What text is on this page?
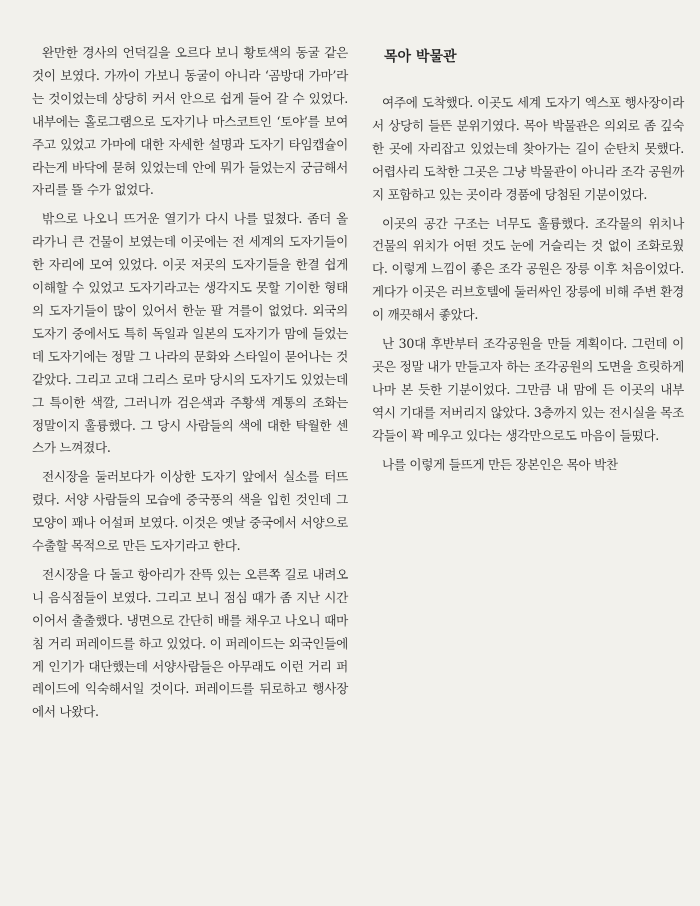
완만한 경사의 언덕길을 오르다 보니 황토색의 동굴 같은 것이 보였다. 가까이 가보니 동굴이 아니라 ‘곰방대 가마’라는 것이었는데 상당히 커서 안으로 쉽게 들어 갈 수 있었다. 내부에는 홀로그램으로 도자기나 마스코트인 ‘토야’를 보여주고 있었고 가마에 대한 자세한 설명과 도자기 타임캡슐이라는게 바닥에 묻혀 있었는데 안에 뭐가 들었는지 궁금해서 자리를 뜰 수가 없었다.

밖으로 나오니 뜨거운 열기가 다시 나를 덮쳤다. 좀더 올라가니 큰 건물이 보였는데 이곳에는 전 세계의 도자기들이 한 자리에 모여 있었다. 이곳 저곳의 도자기들을 한결 쉽게 이해할 수 있었고 도자기라고는 생각지도 못할 기이한 형태의 도자기들이 많이 있어서 한눈 팔 겨를이 없었다. 외국의 도자기 중에서도 특히 독일과 일본의 도자기가 맘에 들었는데 도자기에는 정말 그 나라의 문화와 스타일이 묻어나는 것 같았다. 그리고 고대 그리스 로마 당시의 도자기도 있었는데 그 특이한 색깔, 그러니까 검은색과 주황색 계통의 조화는 정말이지 훌륭했다. 그 당시 사람들의 색에 대한 탁월한 센스가 느껴졌다.

전시장을 둘러보다가 이상한 도자기 앞에서 실소를 터뜨렸다. 서양 사람들의 모습에 중국풍의 색을 입힌 것인데 그 모양이 꽤나 어설퍼 보였다. 이것은 옛날 중국에서 서양으로 수출할 목적으로 만든 도자기라고 한다.

전시장을 다 돌고 항아리가 잔뜩 있는 오른쪽 길로 내려오니 음식점들이 보였다. 그리고 보니 점심 때가 좀 지난 시간이어서 출출했다. 냉면으로 간단히 배를 채우고 나오니 때마침 거리 퍼레이드를 하고 있었다. 이 퍼레이드는 외국인들에게 인기가 대단했는데 서양사람들은 아무래도 이런 거리 퍼레이드에 익숙해서일 것이다. 퍼레이드를 뒤로하고 행사장에서 나왔다.

목아 박물관

여주에 도착했다. 이곳도 세계 도자기 엑스포 행사장이라서 상당히 들뜬 분위기였다. 목아 박물관은 의외로 좀 깊숙한 곳에 자리잡고 있었는데 찾아가는 길이 순탄치 못했다. 어렵사리 도착한 그곳은 그냥 박물관이 아니라 조각 공원까지 포함하고 있는 곳이라 경품에 당첨된 기분이었다.

이곳의 공간 구조는 너무도 훌륭했다. 조각물의 위치나 건물의 위치가 어떤 것도 눈에 거슬리는 것 없이 조화로웠다. 이렇게 느낌이 좋은 조각 공원은 장릉 이후 처음이었다. 게다가 이곳은 러브호텔에 둘러싸인 장릉에 비해 주변 환경이 깨끗해서 좋았다.

난 30대 후반부터 조각공원을 만들 계획이다. 그런데 이곳은 정말 내가 만들고자 하는 조각공원의 도면을 흐릿하게나마 본 듯한 기분이었다. 그만큼 내 맘에 든 이곳의 내부 역시 기대를 저버리지 않았다. 3층까지 있는 전시실을 목조각들이 꽉 메우고 있다는 생각만으로도 마음이 들떴다.

나를 이렇게 들뜨게 만든 장본인은 목아 박찬
